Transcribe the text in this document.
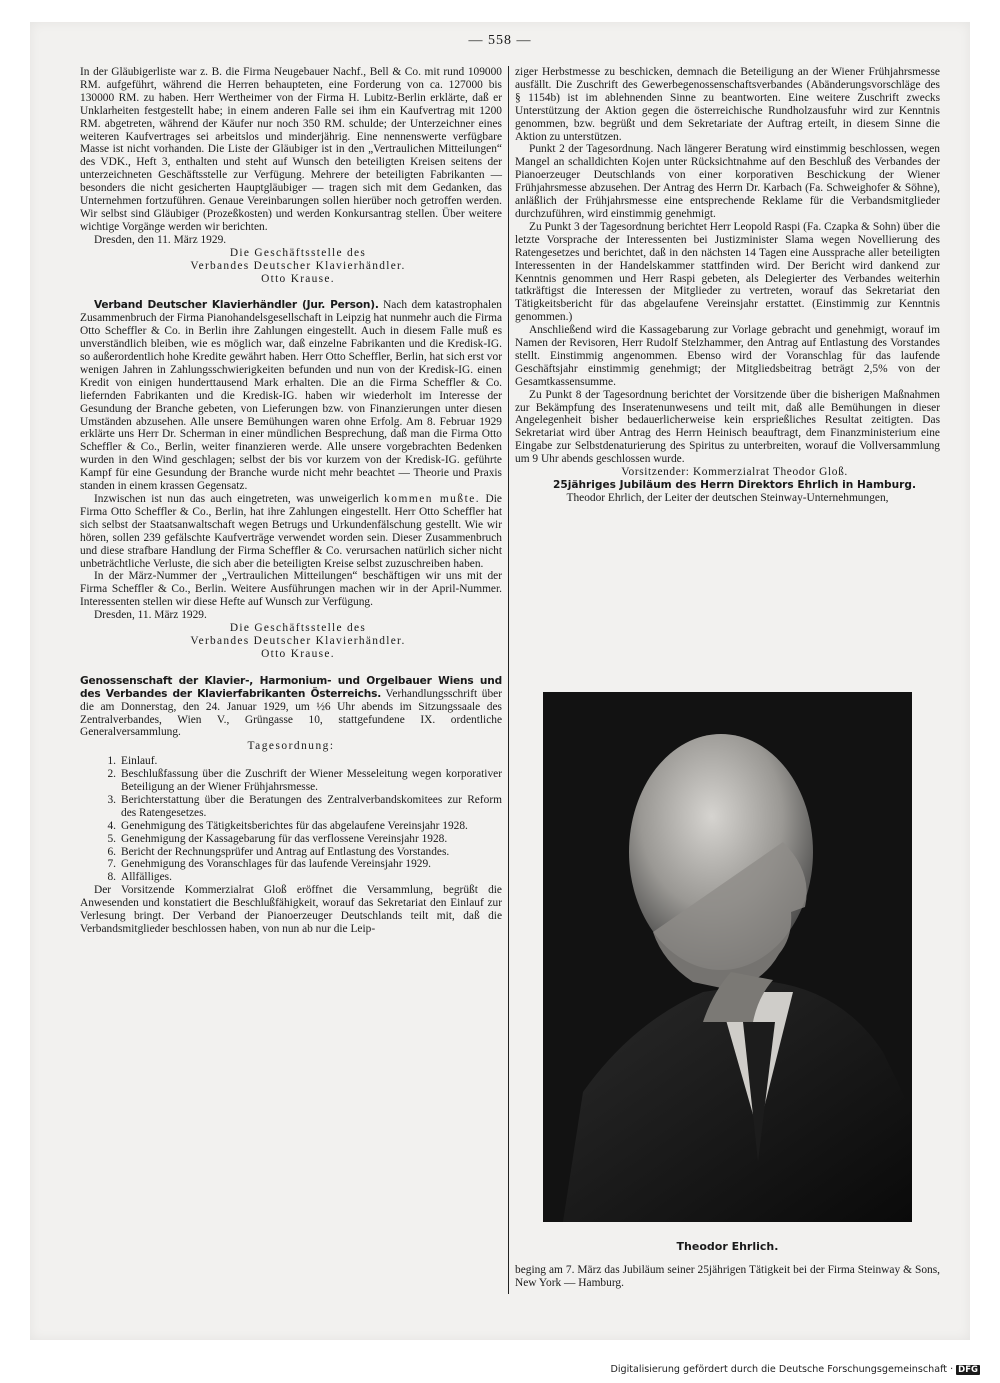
— 558 —

In der Gläubigerliste war z. B. die Firma Neugebauer Nachf., Bell & Co. mit rund 109000 RM. aufgeführt, während die Herren behaupteten, eine Forderung von ca. 127000 bis 130000 RM. zu haben. Herr Wertheimer von der Firma H. Lubitz-Berlin erklärte, daß er Unklarheiten festgestellt habe; in einem anderen Falle sei ihm ein Kaufvertrag mit 1200 RM. abgetreten, während der Käufer nur noch 350 RM. schulde; der Unterzeichner eines weiteren Kaufvertrages sei arbeitslos und minderjährig. Eine nennenswerte verfügbare Masse ist nicht vorhanden. Die Liste der Gläubiger ist in den „Vertraulichen Mitteilungen“ des VDK., Heft 3, enthalten und steht auf Wunsch den beteiligten Kreisen seitens der unterzeichneten Geschäftsstelle zur Verfügung. Mehrere der beteiligten Fabrikanten — besonders die nicht gesicherten Hauptgläubiger — tragen sich mit dem Gedanken, das Unternehmen fortzuführen. Genaue Vereinbarungen sollen hierüber noch getroffen werden. Wir selbst sind Gläubiger (Prozeßkosten) und werden Konkursantrag stellen. Über weitere wichtige Vorgänge werden wir berichten.

Dresden, den 11. März 1929.

Die Geschäftsstelle des

Verbandes Deutscher Klavierhändler.

Otto Krause.

Verband Deutscher Klavierhändler (Jur. Person). Nach dem katastrophalen Zusammenbruch der Firma Pianohandelsgesellschaft in Leipzig hat nunmehr auch die Firma Otto Scheffler & Co. in Berlin ihre Zahlungen eingestellt. Auch in diesem Falle muß es unverständlich bleiben, wie es möglich war, daß einzelne Fabrikanten und die Kredisk-IG. so außerordentlich hohe Kredite gewährt haben. Herr Otto Scheffler, Berlin, hat sich erst vor wenigen Jahren in Zahlungsschwierigkeiten befunden und nun von der Kredisk-IG. einen Kredit von einigen hunderttausend Mark erhalten. Die an die Firma Scheffler & Co. liefernden Fabrikanten und die Kredisk-IG. haben wir wiederholt im Interesse der Gesundung der Branche gebeten, von Lieferungen bzw. von Finanzierungen unter diesen Umständen abzusehen. Alle unsere Bemühungen waren ohne Erfolg. Am 8. Februar 1929 erklärte uns Herr Dr. Scherman in einer mündlichen Besprechung, daß man die Firma Otto Scheffler & Co., Berlin, weiter finanzieren werde. Alle unsere vorgebrachten Bedenken wurden in den Wind geschlagen; selbst der bis vor kurzem von der Kredisk-IG. geführte Kampf für eine Gesundung der Branche wurde nicht mehr beachtet — Theorie und Praxis standen in einem krassen Gegensatz.

Inzwischen ist nun das auch eingetreten, was unweigerlich kommen mußte. Die Firma Otto Scheffler & Co., Berlin, hat ihre Zahlungen eingestellt. Herr Otto Scheffler hat sich selbst der Staatsanwaltschaft wegen Betrugs und Urkundenfälschung gestellt. Wie wir hören, sollen 239 gefälschte Kaufverträge verwendet worden sein. Dieser Zusammenbruch und diese strafbare Handlung der Firma Scheffler & Co. verursachen natürlich sicher nicht unbeträchtliche Verluste, die sich aber die beteiligten Kreise selbst zuzuschreiben haben.

In der März-Nummer der „Vertraulichen Mitteilungen“ beschäftigen wir uns mit der Firma Scheffler & Co., Berlin. Weitere Ausführungen machen wir in der April-Nummer. Interessenten stellen wir diese Hefte auf Wunsch zur Verfügung.

Dresden, 11. März 1929.

Die Geschäftsstelle des

Verbandes Deutscher Klavierhändler.

Otto Krause.

Genossenschaft der Klavier-, Harmonium- und Orgelbauer Wiens und des Verbandes der Klavierfabrikanten Österreichs. Verhandlungsschrift über die am Donnerstag, den 24. Januar 1929, um ½6 Uhr abends im Sitzungssaale des Zentralverbandes, Wien V., Grüngasse 10, stattgefundene IX. ordentliche Generalversammlung.

Tagesordnung:
1. Einlauf.
2. Beschlußfassung über die Zuschrift der Wiener Messeleitung wegen korporativer Beteiligung an der Wiener Frühjahrsmesse.
3. Berichterstattung über die Beratungen des Zentralverbandskomitees zur Reform des Ratengesetzes.
4. Genehmigung des Tätigkeitsberichtes für das abgelaufene Vereinsjahr 1928.
5. Genehmigung der Kassagebarung für das verflossene Vereinsjahr 1928.
6. Bericht der Rechnungsprüfer und Antrag auf Entlastung des Vorstandes.
7. Genehmigung des Voranschlages für das laufende Vereinsjahr 1929.
8. Allfälliges.

Der Vorsitzende Kommerzialrat Gloß eröffnet die Versammlung, begrüßt die Anwesenden und konstatiert die Beschlußfähigkeit, worauf das Sekretariat den Einlauf zur Verlesung bringt. Der Verband der Pianoerzeuger Deutschlands teilt mit, daß die Verbandsmitglieder beschlossen haben, von nun ab nur die Leip-

ziger Herbstmesse zu beschicken, demnach die Beteiligung an der Wiener Frühjahrsmesse ausfällt. Die Zuschrift des Gewerbegenossenschaftsverbandes (Abänderungsvorschläge des § 1154b) ist im ablehnenden Sinne zu beantworten. Eine weitere Zuschrift zwecks Unterstützung der Aktion gegen die österreichische Rundholzausfuhr wird zur Kenntnis genommen, bzw. begrüßt und dem Sekretariate der Auftrag erteilt, in diesem Sinne die Aktion zu unterstützen.

Punkt 2 der Tagesordnung. Nach längerer Beratung wird einstimmig beschlossen, wegen Mangel an schalldichten Kojen unter Rücksichtnahme auf den Beschluß des Verbandes der Pianoerzeuger Deutschlands von einer korporativen Beschickung der Wiener Frühjahrsmesse abzusehen. Der Antrag des Herrn Dr. Karbach (Fa. Schweighofer & Söhne), anläßlich der Frühjahrsmesse eine entsprechende Reklame für die Verbandsmitglieder durchzuführen, wird einstimmig genehmigt.

Zu Punkt 3 der Tagesordnung berichtet Herr Leopold Raspi (Fa. Czapka & Sohn) über die letzte Vorsprache der Interessenten bei Justizminister Slama wegen Novellierung des Ratengesetzes und berichtet, daß in den nächsten 14 Tagen eine Aussprache aller beteiligten Interessenten in der Handelskammer stattfinden wird. Der Bericht wird dankend zur Kenntnis genommen und Herr Raspi gebeten, als Delegierter des Verbandes weiterhin tatkräftigst die Interessen der Mitglieder zu vertreten, worauf das Sekretariat den Tätigkeitsbericht für das abgelaufene Vereinsjahr erstattet. (Einstimmig zur Kenntnis genommen.)

Anschließend wird die Kassagebarung zur Vorlage gebracht und genehmigt, worauf im Namen der Revisoren, Herr Rudolf Stelzhammer, den Antrag auf Entlastung des Vorstandes stellt. Einstimmig angenommen. Ebenso wird der Voranschlag für das laufende Geschäftsjahr einstimmig genehmigt; der Mitgliedsbeitrag beträgt 2,5% von der Gesamtkassensumme.

Zu Punkt 8 der Tagesordnung berichtet der Vorsitzende über die bisherigen Maßnahmen zur Bekämpfung des Inseratenunwesens und teilt mit, daß alle Bemühungen in dieser Angelegenheit bisher bedauerlicherweise kein ersprießliches Resultat zeitigten. Das Sekretariat wird über Antrag des Herrn Heinisch beauftragt, dem Finanzministerium eine Eingabe zur Selbstdenaturierung des Spiritus zu unterbreiten, worauf die Vollversammlung um 9 Uhr abends geschlossen wurde.

Vorsitzender: Kommerzialrat Theodor Gloß.

25jähriges Jubiläum des Herrn Direktors Ehrlich in Hamburg.

Theodor Ehrlich, der Leiter der deutschen Steinway-Unternehmungen,

Theodor Ehrlich.

beging am 7. März das Jubiläum seiner 25jährigen Tätigkeit bei der Firma Steinway & Sons, New York — Hamburg.

Digitalisierung gefördert durch die Deutsche Forschungsgemeinschaft · DFG
